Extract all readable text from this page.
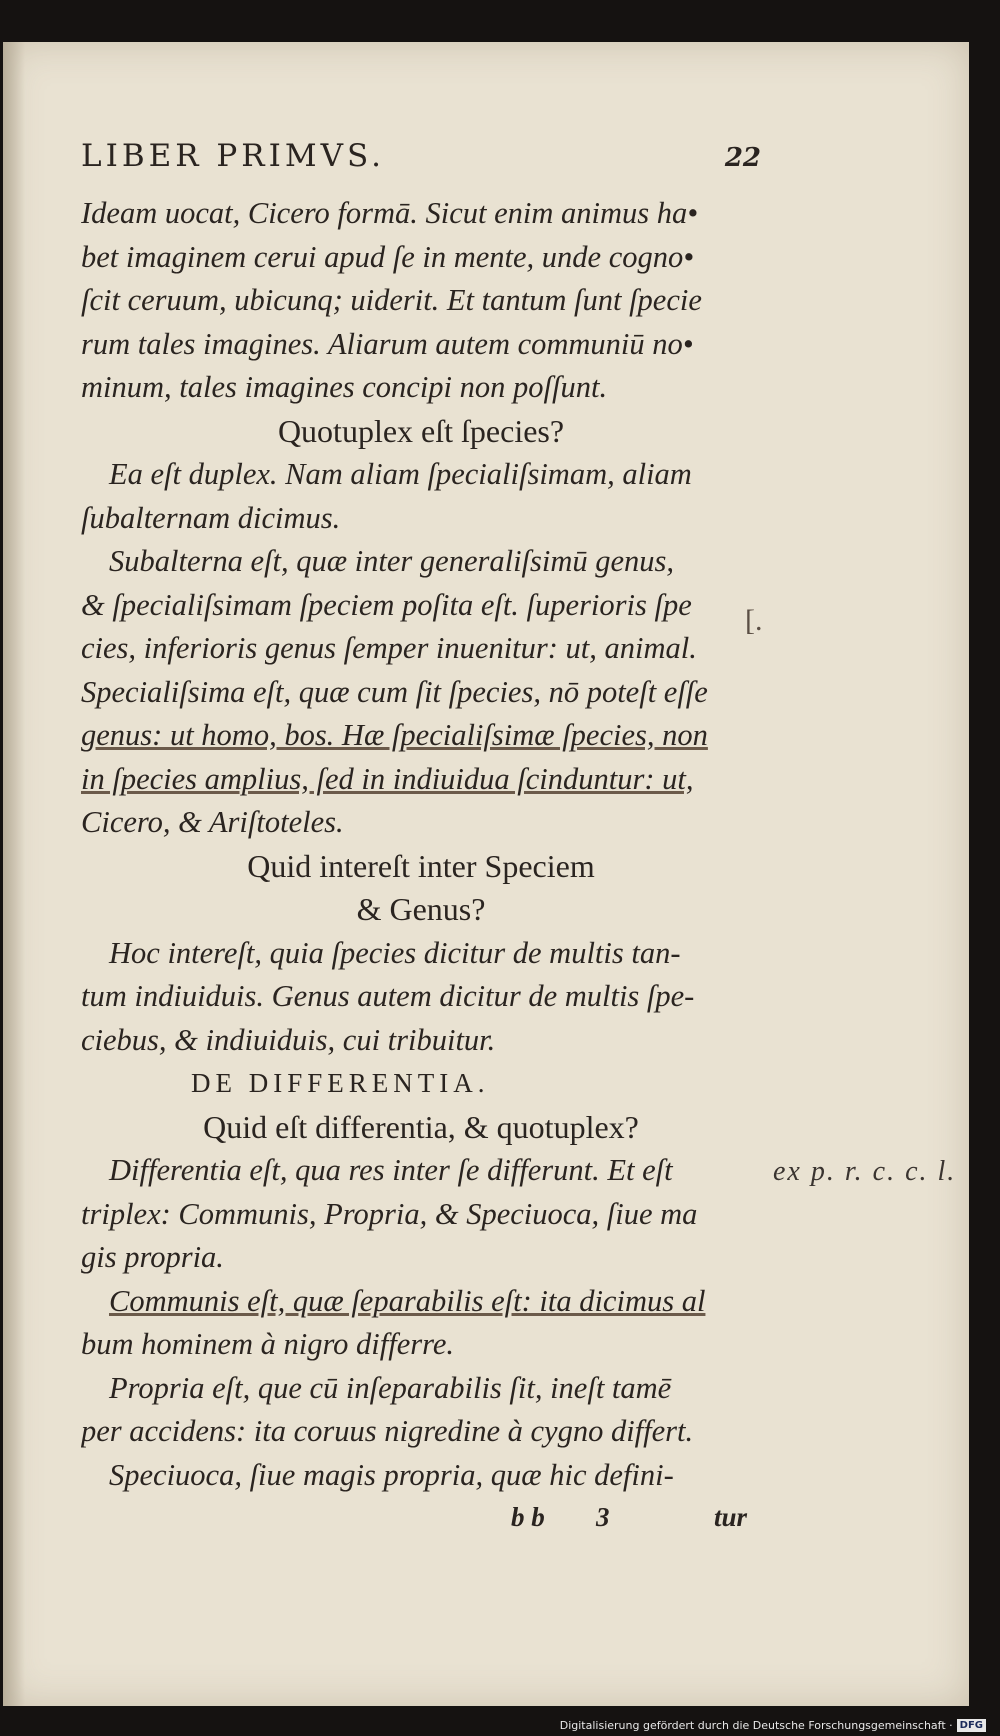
LIBER PRIMVS.	22
Ideam uocat, Cicero formā. Sicut enim animus ha•
bet imaginem cerui apud ſe in mente, unde cogno•
ſcit ceruum, ubicunq; uiderit. Et tantum ſunt ſpecie
rum tales imagines. Aliarum autem communiū no•
minum, tales imagines concipi non poſſunt.
Quotuplex eſt ſpecies?
Ea eſt duplex. Nam aliam ſpecialiſsimam, aliam
ſubalternam dicimus.
Subalterna eſt, quæ inter generaliſsimū genus,
& ſpecialiſsimam ſpeciem poſita eſt. ſuperioris ſpe
cies, inferioris genus ſemper inuenitur: ut, animal.
Specialiſsima eſt, quæ cum ſit ſpecies, nō poteſt eſſe
genus: ut homo, bos. Hæ ſpecialiſsimæ ſpecies, non
in ſpecies amplius, ſed in indiuidua ſcinduntur: ut,
Cicero, & Ariſtoteles.
Quid intereſt inter Speciem
& Genus?
Hoc intereſt, quia ſpecies dicitur de multis tan-
tum indiuiduis. Genus autem dicitur de multis ſpe-
ciebus, & indiuiduis, cui tribuitur.
DE DIFFERENTIA.
Quid eſt differentia, & quotuplex?
Differentia eſt, qua res inter ſe differunt. Et eſt
triplex: Communis, Propria, & Speciuoca, ſiue ma
gis propria.
Communis eſt, quæ ſeparabilis eſt: ita dicimus al
bum hominem à nigro differre.
Propria eſt, que cū inſeparabilis ſit, ineſt tamē
per accidens: ita coruus nigredine à cygno differt.
Speciuoca, ſiue magis propria, quæ hic defini-
b b 3	tur
[.
ex p. r. c. c. l.
Digitalisierung gefördert durch die Deutsche Forschungsgemeinschaft · DFG
